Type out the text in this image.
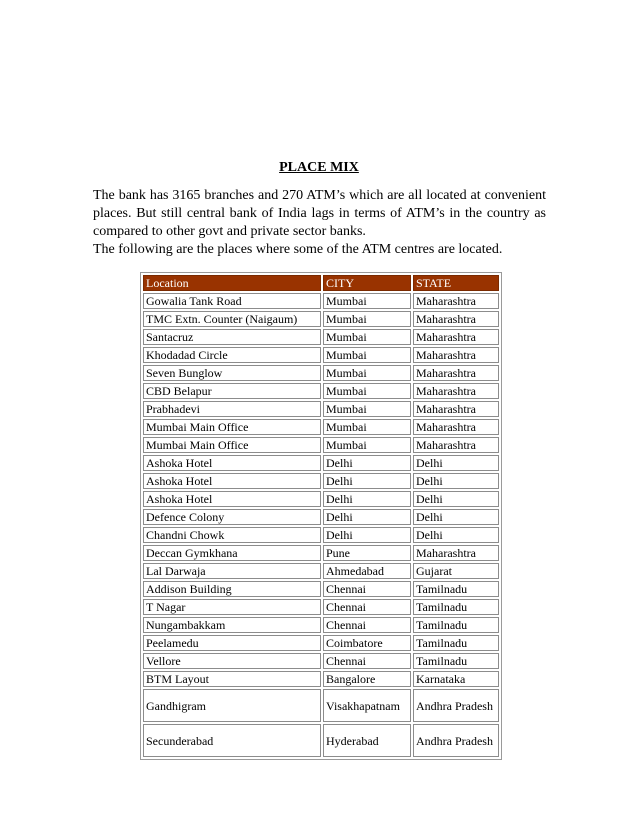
PLACE MIX

The bank has 3165 branches and 270 ATM’s which are all located at convenient places. But still central bank of India lags in terms of ATM’s in the country as compared to other govt and private sector banks.

The following are the places where some of the ATM centres are located.

Location	CITY	STATE
Gowalia Tank Road	Mumbai	Maharashtra
TMC Extn. Counter (Naigaum)	Mumbai	Maharashtra
Santacruz	Mumbai	Maharashtra
Khodadad Circle	Mumbai	Maharashtra
Seven Bunglow	Mumbai	Maharashtra
CBD Belapur	Mumbai	Maharashtra
Prabhadevi	Mumbai	Maharashtra
Mumbai Main Office	Mumbai	Maharashtra
Mumbai Main Office	Mumbai	Maharashtra
Ashoka Hotel	Delhi	Delhi
Ashoka Hotel	Delhi	Delhi
Ashoka Hotel	Delhi	Delhi
Defence Colony	Delhi	Delhi
Chandni Chowk	Delhi	Delhi
Deccan Gymkhana	Pune	Maharashtra
Lal Darwaja	Ahmedabad	Gujarat
Addison Building	Chennai	Tamilnadu
T Nagar	Chennai	Tamilnadu
Nungambakkam	Chennai	Tamilnadu
Peelamedu	Coimbatore	Tamilnadu
Vellore	Chennai	Tamilnadu
BTM Layout	Bangalore	Karnataka
Gandhigram	Visakhapatnam	Andhra Pradesh
Secunderabad	Hyderabad	Andhra Pradesh
